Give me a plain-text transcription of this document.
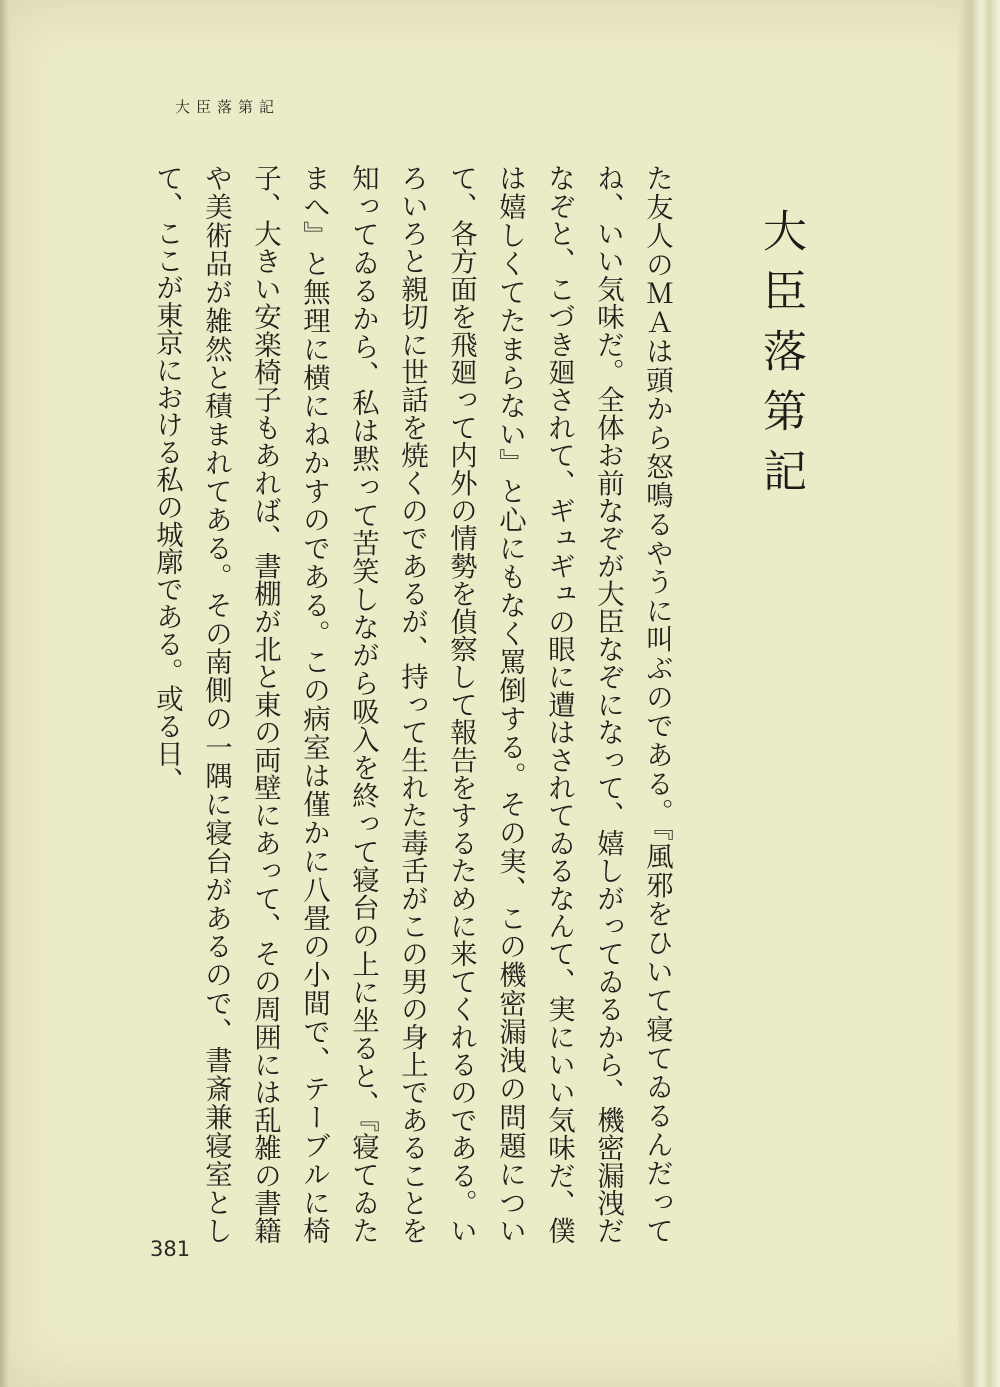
大臣落第記
大臣落第記

た友人のＭＡは頭から怒鳴るやうに叫ぶのである。『風邪をひいて寝てゐるんだってね、いい気味だ。全体お前なぞが大臣なぞになって、嬉しがってゐるから、機密漏洩だなぞと、こづき廻されて、ギュギュの眼に遭はされてゐるなんて、実にいい気味だ、僕は嬉しくてたまらない』と心にもなく罵倒する。その実、この機密漏洩の問題について、各方面を飛廻って内外の情勢を偵察して報告をするために来てくれるのである。いろいろと親切に世話を焼くのであるが、持って生れた毒舌がこの男の身上であることを知ってゐるから、私は黙って苦笑しながら吸入を終って寝台の上に坐ると、『寝てゐたまへ』と無理に横にねかすのである。この病室は僅かに八畳の小間で、テーブルに椅子、大きい安楽椅子もあれば、書棚が北と東の両壁にあって、その周囲には乱雑の書籍や美術品が雑然と積まれてある。その南側の一隅に寝台があるので、書斎兼寝室として、ここが東京における私の城廓である。或る日、

381
